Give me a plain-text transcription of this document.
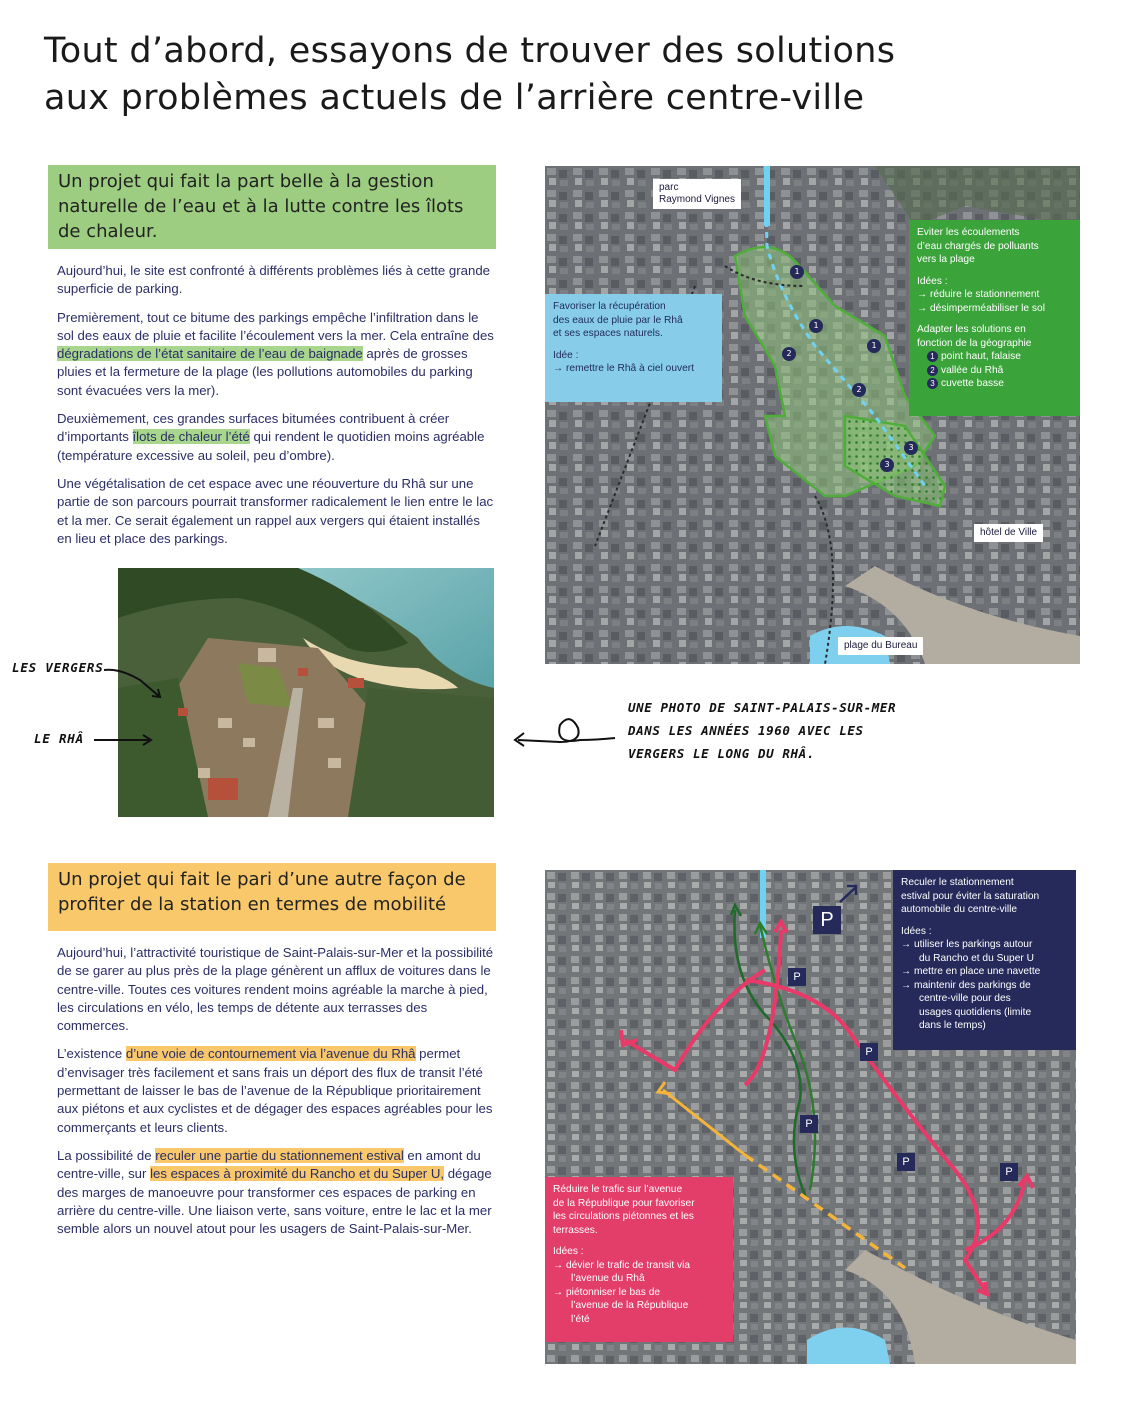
Tout d’abord, essayons de trouver des solutions
aux problèmes actuels de l’arrière centre-ville
Un projet qui fait la part belle à la gestion naturelle de l’eau et à la lutte contre les îlots de chaleur.

Aujourd’hui, le site est confronté à différents problèmes liés à cette grande superficie de parking.

Premièrement, tout ce bitume des parkings empêche l’infiltration dans le sol des eaux de pluie et facilite l’écoulement vers la mer. Cela entraîne des dégradations de l’état sanitaire de l’eau de baignade après de grosses pluies et la fermeture de la plage (les pollutions automobiles du parking sont évacuées vers la mer).

Deuxièmement, ces grandes surfaces bitumées contribuent à créer d’importants îlots de chaleur l’été qui rendent le quotidien moins agréable (température excessive au soleil, peu d’ombre).

Une végétalisation de cet espace avec une réouverture du Rhâ sur une partie de son parcours pourrait transformer radicalement le lien entre le lac et la mer. Ce serait également un rappel aux vergers qui étaient installés en lieu et place des parkings.

LES VERGERS
LE RHÂ
UNE PHOTO DE SAINT-PALAIS-SUR-MER
DANS LES ANNÉES 1960 AVEC LES
VERGERS LE LONG DU RHÂ.
1
1
1
2
2
3
3
parc
Raymond Vignes
hôtel de Ville
plage du Bureau
Favoriser la récupération
des eaux de pluie par le Rhâ
et ses espaces naturels.
Idée :
→ remettre le Rhâ à ciel ouvert
Eviter les écoulements
d’eau chargés de polluants
vers la plage
Idées :
→ réduire le stationnement
→ désimperméabiliser le sol
Adapter les solutions en
fonction de la géographie
1 point haut, falaise
2 vallée du Rhâ
3 cuvette basse
Un projet qui fait le pari d’une autre façon de profiter de la station en termes de mobilité

Aujourd’hui, l’attractivité touristique de Saint-Palais-sur-Mer et la possibilité de se garer au plus près de la plage génèrent un afflux de voitures dans le centre-ville. Toutes ces voitures rendent moins agréable la marche à pied, les circulations en vélo, les temps de détente aux terrasses des commerces.

L’existence d’une voie de contournement via l’avenue du Rhâ permet d’envisager très facilement et sans frais un déport des flux de transit l’été permettant de laisser le bas de l’avenue de la République prioritairement aux piétons et aux cyclistes et de dégager des espaces agréables pour les commerçants et leurs clients.

La possibilité de reculer une partie du stationnement estival en amont du centre-ville, sur les espaces à proximité du Rancho et du Super U, dégage des marges de manoeuvre pour transformer ces espaces de parking en arrière du centre-ville. Une liaison verte, sans voiture, entre le lac et la mer semble alors un nouvel atout pour les usagers de Saint-Palais-sur-Mer.

P
P
P
P
P
P
Reculer le stationnement
estival pour éviter la saturation
automobile du centre-ville
Idées :
→ utiliser les parkings autour
du Rancho et du Super U
→ mettre en place une navette
→ maintenir des parkings de
centre-ville pour des
usages quotidiens (limite
dans le temps)
Réduire le trafic sur l’avenue
de la République pour favoriser
les circulations piétonnes et les
terrasses.
Idées :
→ dévier le trafic de transit via
l’avenue du Rhâ
→ piétonniser le bas de
l’avenue de la République
l’été
